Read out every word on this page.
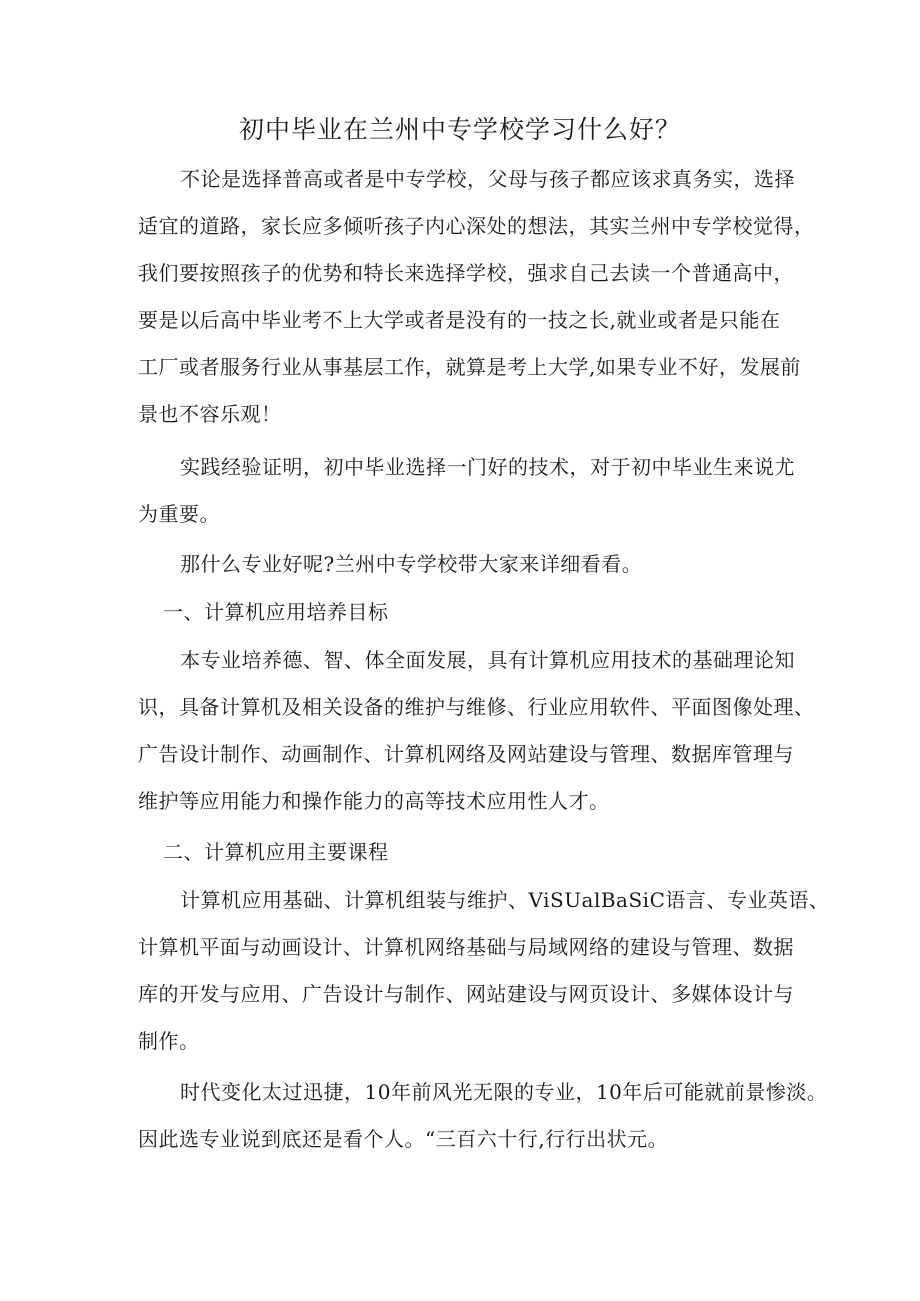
初中毕业在兰州中专学校学习什么好？
不论是选择普高或者是中专学校，父母与孩子都应该求真务实，选择
适宜的道路，家长应多倾听孩子内心深处的想法，其实兰州中专学校觉得，
我们要按照孩子的优势和特长来选择学校，强求自己去读一个普通高中，
要是以后高中毕业考不上大学或者是没有的一技之长,就业或者是只能在
工厂或者服务行业从事基层工作，就算是考上大学,如果专业不好，发展前
景也不容乐观！
实践经验证明，初中毕业选择一门好的技术，对于初中毕业生来说尤
为重要。
那什么专业好呢?兰州中专学校带大家来详细看看。
一、计算机应用培养目标
本专业培养德、智、体全面发展，具有计算机应用技术的基础理论知
识，具备计算机及相关设备的维护与维修、行业应用软件、平面图像处理、
广告设计制作、动画制作、计算机网络及网站建设与管理、数据库管理与
维护等应用能力和操作能力的高等技术应用性人才。
二、计算机应用主要课程
计算机应用基础、计算机组装与维护、ViSUalBaSiC语言、专业英语、
计算机平面与动画设计、计算机网络基础与局域网络的建设与管理、数据
库的开发与应用、广告设计与制作、网站建设与网页设计、多媒体设计与
制作。
时代变化太过迅捷，10年前风光无限的专业，10年后可能就前景惨淡。
因此选专业说到底还是看个人。“三百六十行,行行出状元。
